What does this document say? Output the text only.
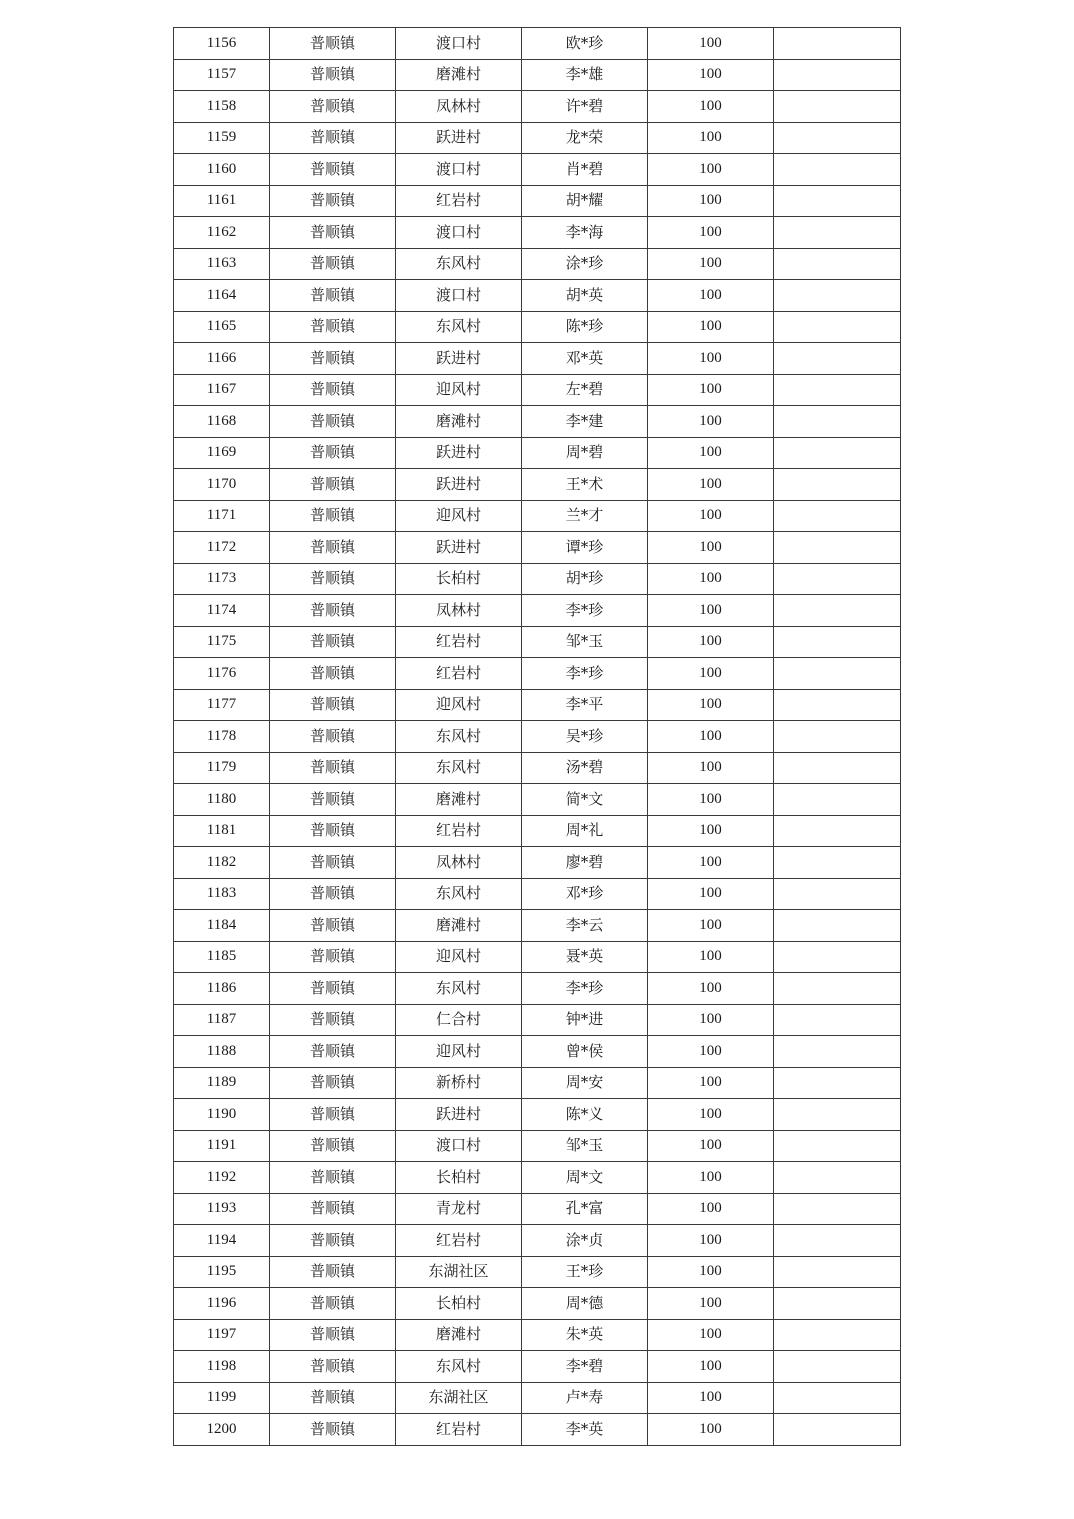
1156	普顺镇	渡口村	欧*珍	100	
1157	普顺镇	磨滩村	李*雄	100	
1158	普顺镇	凤林村	许*碧	100	
1159	普顺镇	跃进村	龙*荣	100	
1160	普顺镇	渡口村	肖*碧	100	
1161	普顺镇	红岩村	胡*耀	100	
1162	普顺镇	渡口村	李*海	100	
1163	普顺镇	东风村	涂*珍	100	
1164	普顺镇	渡口村	胡*英	100	
1165	普顺镇	东风村	陈*珍	100	
1166	普顺镇	跃进村	邓*英	100	
1167	普顺镇	迎风村	左*碧	100	
1168	普顺镇	磨滩村	李*建	100	
1169	普顺镇	跃进村	周*碧	100	
1170	普顺镇	跃进村	王*术	100	
1171	普顺镇	迎风村	兰*才	100	
1172	普顺镇	跃进村	谭*珍	100	
1173	普顺镇	长柏村	胡*珍	100	
1174	普顺镇	凤林村	李*珍	100	
1175	普顺镇	红岩村	邹*玉	100	
1176	普顺镇	红岩村	李*珍	100	
1177	普顺镇	迎风村	李*平	100	
1178	普顺镇	东风村	吴*珍	100	
1179	普顺镇	东风村	汤*碧	100	
1180	普顺镇	磨滩村	简*文	100	
1181	普顺镇	红岩村	周*礼	100	
1182	普顺镇	凤林村	廖*碧	100	
1183	普顺镇	东风村	邓*珍	100	
1184	普顺镇	磨滩村	李*云	100	
1185	普顺镇	迎风村	聂*英	100	
1186	普顺镇	东风村	李*珍	100	
1187	普顺镇	仁合村	钟*进	100	
1188	普顺镇	迎风村	曾*侯	100	
1189	普顺镇	新桥村	周*安	100	
1190	普顺镇	跃进村	陈*义	100	
1191	普顺镇	渡口村	邹*玉	100	
1192	普顺镇	长柏村	周*文	100	
1193	普顺镇	青龙村	孔*富	100	
1194	普顺镇	红岩村	涂*贞	100	
1195	普顺镇	东湖社区	王*珍	100	
1196	普顺镇	长柏村	周*德	100	
1197	普顺镇	磨滩村	朱*英	100	
1198	普顺镇	东风村	李*碧	100	
1199	普顺镇	东湖社区	卢*寿	100	
1200	普顺镇	红岩村	李*英	100	
